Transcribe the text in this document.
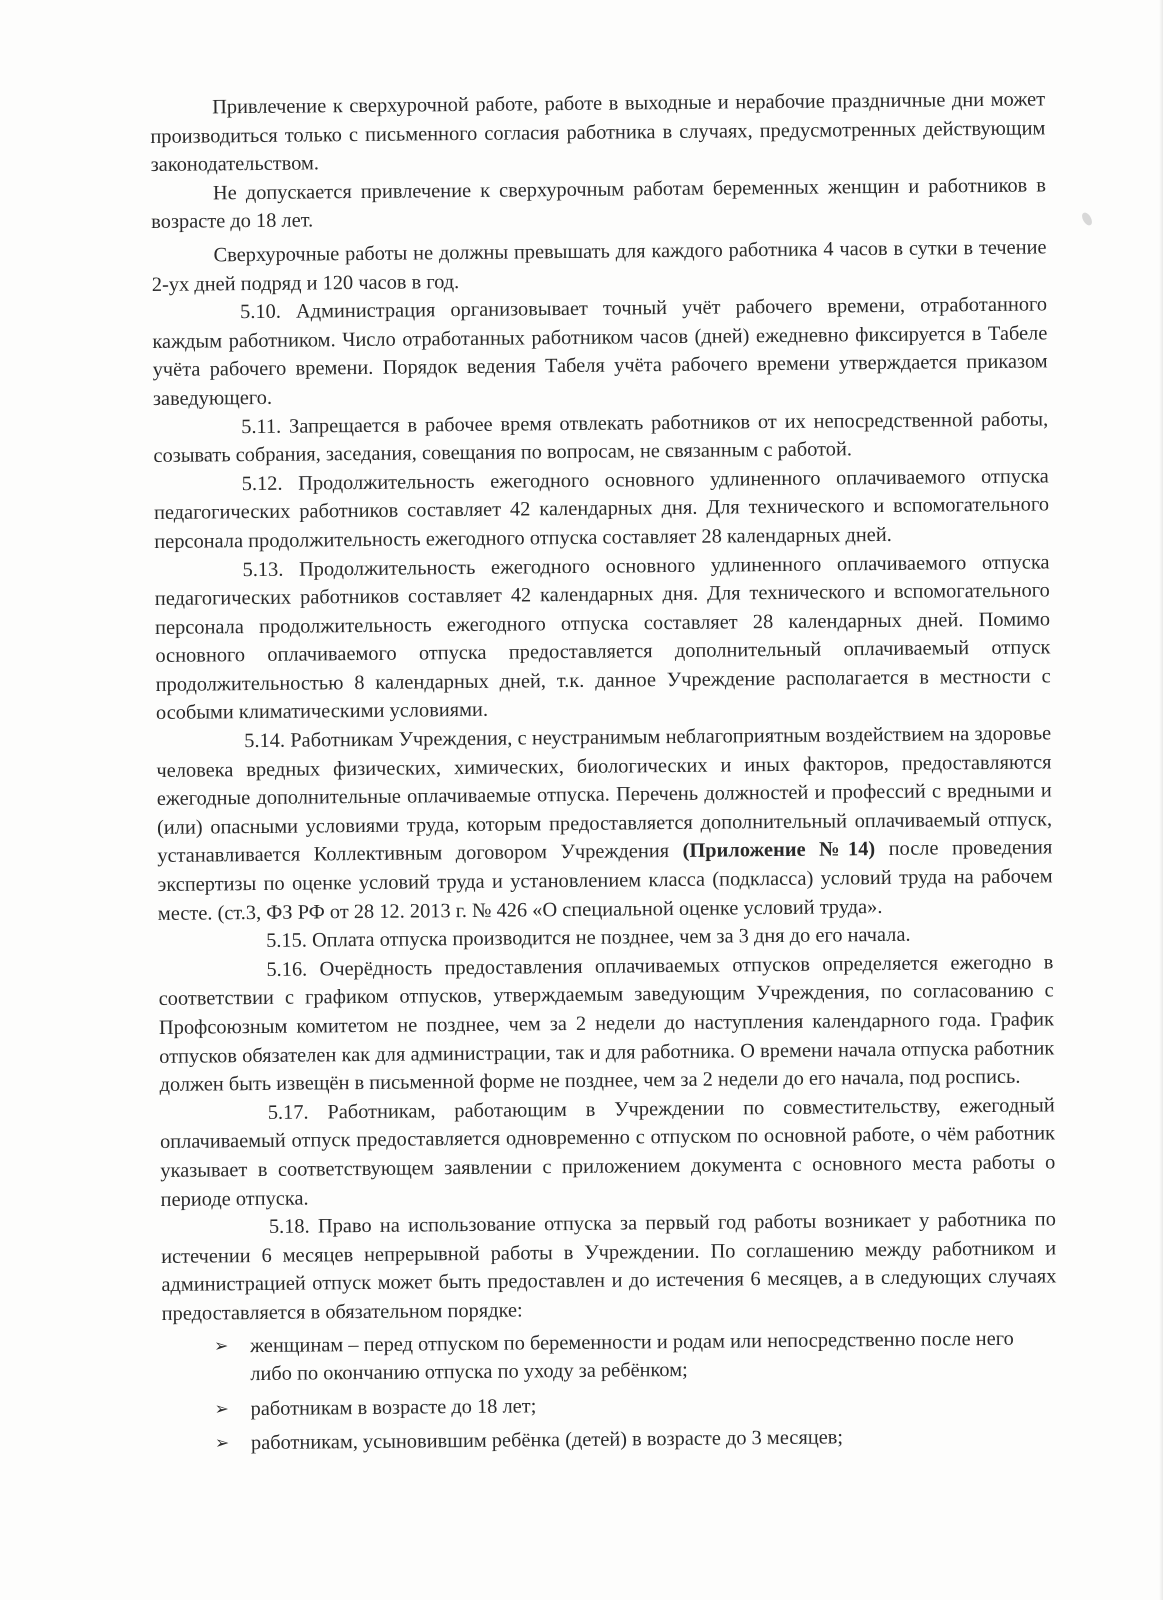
Привлечение к сверхурочной работе, работе в выходные и нерабочие праздничные дни может производиться только с письменного согласия работника в случаях, предусмотренных действующим законодательством.

Не допускается привлечение к сверхурочным работам беременных женщин и работников в возрасте до 18 лет.

Сверхурочные работы не должны превышать для каждого работника 4 часов в сутки в течение 2-ух дней подряд и 120 часов в год.

5.10. Администрация организовывает точный учёт рабочего времени, отработанного каждым работником. Число отработанных работником часов (дней) ежедневно фиксируется в Табеле учёта рабочего времени. Порядок ведения Табеля учёта рабочего времени утверждается приказом заведующего.

5.11. Запрещается в рабочее время отвлекать работников от их непосредственной работы, созывать собрания, заседания, совещания по вопросам, не связанным с работой.

5.12. Продолжительность ежегодного основного удлиненного оплачиваемого отпуска педагогических работников составляет 42 календарных дня. Для технического и вспомогательного персонала продолжительность ежегодного отпуска составляет 28 календарных дней.

5.13. Продолжительность ежегодного основного удлиненного оплачиваемого отпуска педагогических работников составляет 42 календарных дня. Для технического и вспомогательного персонала продолжительность ежегодного отпуска составляет 28 календарных дней. Помимо основного оплачиваемого отпуска предоставляется дополнительный оплачиваемый отпуск продолжительностью 8 календарных дней, т.к. данное Учреждение располагается в местности с особыми климатическими условиями.

5.14. Работникам Учреждения, с неустранимым неблагоприятным воздействием на здоровье человека вредных физических, химических, биологических и иных факторов, предоставляются ежегодные дополнительные оплачиваемые отпуска. Перечень должностей и профессий с вредными и (или) опасными условиями труда, которым предоставляется дополнительный оплачиваемый отпуск, устанавливается Коллективным договором Учреждения (Приложение №14) после проведения экспертизы по оценке условий труда и установлением класса (подкласса) условий труда на рабочем месте. (ст.3, ФЗ РФ от 28 12. 2013 г. № 426 «О специальной оценке условий труда».

5.15. Оплата отпуска производится не позднее, чем за 3 дня до его начала.

5.16. Очерёдность предоставления оплачиваемых отпусков определяется ежегодно в соответствии с графиком отпусков, утверждаемым заведующим Учреждения, по согласованию с Профсоюзным комитетом не позднее, чем за 2 недели до наступления календарного года. График отпусков обязателен как для администрации, так и для работника. О времени начала отпуска работник должен быть извещён в письменной форме не позднее, чем за 2 недели до его начала, под роспись.

5.17. Работникам, работающим в Учреждении по совместительству, ежегодный оплачиваемый отпуск предоставляется одновременно с отпуском по основной работе, о чём работник указывает в соответствующем заявлении с приложением документа с основного места работы о периоде отпуска.

5.18. Право на использование отпуска за первый год работы возникает у работника по истечении 6 месяцев непрерывной работы в Учреждении. По соглашению между работником и администрацией отпуск может быть предоставлен и до истечения 6 месяцев, а в следующих случаях предоставляется в обязательном порядке:

➢ женщинам – перед отпуском по беременности и родам или непосредственно после него либо по окончанию отпуска по уходу за ребёнком;
➢ работникам в возрасте до 18 лет;
➢ работникам, усыновившим ребёнка (детей) в возрасте до 3 месяцев;
